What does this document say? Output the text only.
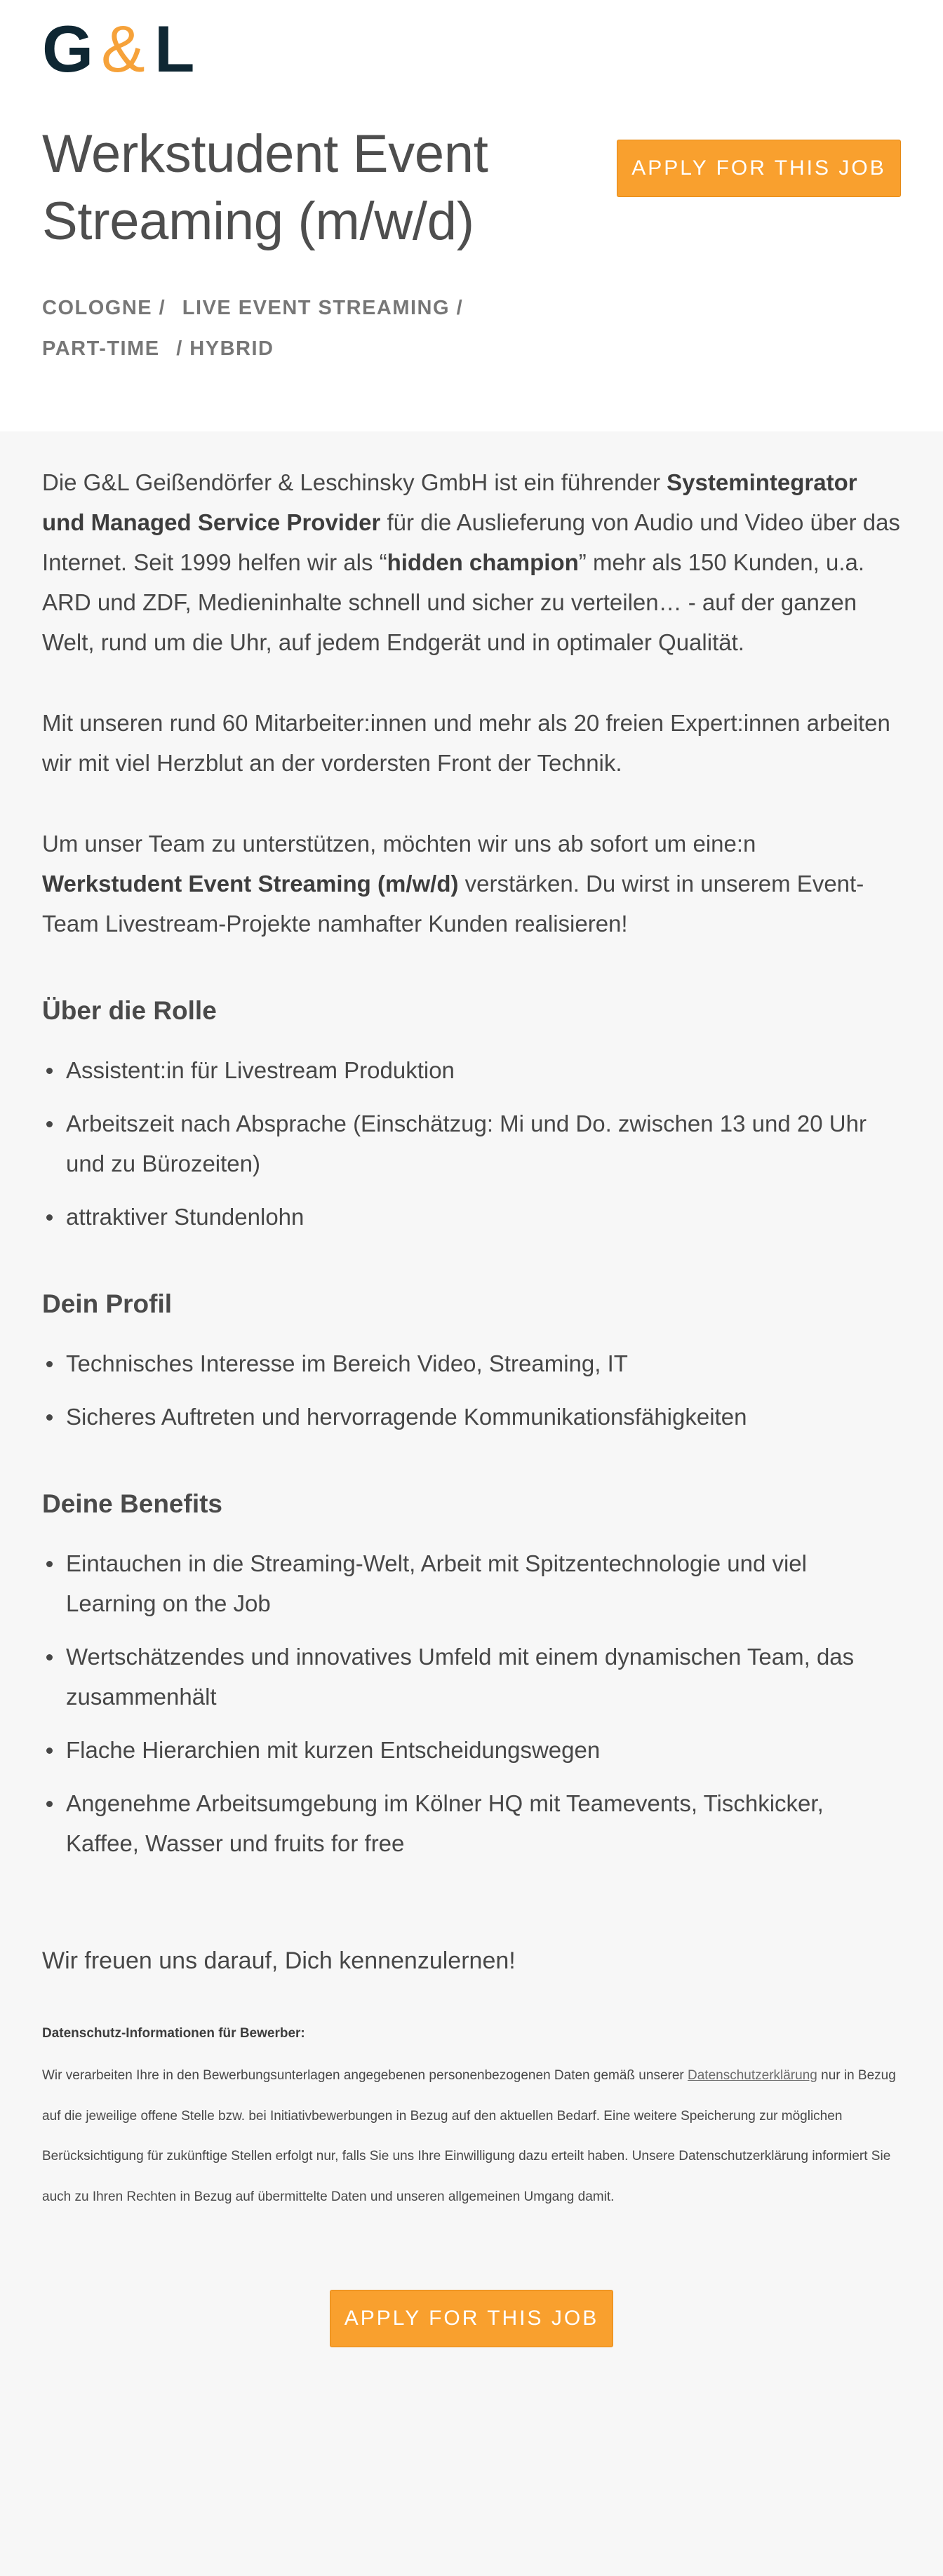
G & L
Werkstudent Event Streaming (m/w/d)
APPLY FOR THIS JOB
COLOGNE / LIVE EVENT STREAMING /
PART-TIME / HYBRID

Die G&L Geißendörfer & Leschinsky GmbH ist ein führender Systemintegrator und Managed Service Provider für die Auslieferung von Audio und Video über das Internet. Seit 1999 helfen wir als “hidden champion” mehr als 150 Kunden, u.a. ARD und ZDF, Medieninhalte schnell und sicher zu verteilen… - auf der ganzen Welt, rund um die Uhr, auf jedem Endgerät und in optimaler Qualität.

Mit unseren rund 60 Mitarbeiter:innen und mehr als 20 freien Expert:innen arbeiten wir mit viel Herzblut an der vordersten Front der Technik.

Um unser Team zu unterstützen, möchten wir uns ab sofort um eine:n Werkstudent Event Streaming (m/w/d) verstärken. Du wirst in unserem Event-Team Livestream-Projekte namhafter Kunden realisieren!

Über die Rolle
Assistent:in für Livestream Produktion
Arbeitszeit nach Absprache (Einschätzug: Mi und Do. zwischen 13 und 20 Uhr und zu Bürozeiten)
attraktiver Stundenlohn
Dein Profil
Technisches Interesse im Bereich Video, Streaming, IT
Sicheres Auftreten und hervorragende Kommunikationsfähigkeiten
Deine Benefits
Eintauchen in die Streaming-Welt, Arbeit mit Spitzentechnologie und viel Learning on the Job
Wertschätzendes und innovatives Umfeld mit einem dynamischen Team, das zusammenhält
Flache Hierarchien mit kurzen Entscheidungswegen
Angenehme Arbeitsumgebung im Kölner HQ mit Teamevents, Tischkicker, Kaffee, Wasser und fruits for free

Wir freuen uns darauf, Dich kennenzulernen!

Datenschutz-Informationen für Bewerber:

Wir verarbeiten Ihre in den Bewerbungsunterlagen angegebenen personenbezogenen Daten gemäß unserer Datenschutzerklärung nur in Bezug auf die jeweilige offene Stelle bzw. bei Initiativbewerbungen in Bezug auf den aktuellen Bedarf. Eine weitere Speicherung zur möglichen Berücksichtigung für zukünftige Stellen erfolgt nur, falls Sie uns Ihre Einwilligung dazu erteilt haben. Unsere Datenschutzerklärung informiert Sie auch zu Ihren Rechten in Bezug auf übermittelte Daten und unseren allgemeinen Umgang damit.

APPLY FOR THIS JOB
